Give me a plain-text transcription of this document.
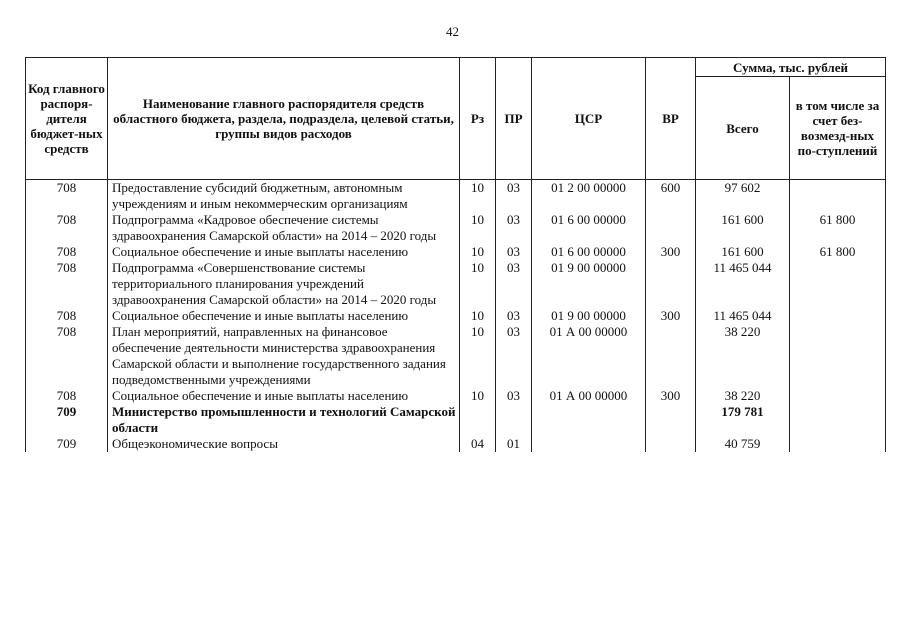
42
Код главного распоря-дителя бюджет-ных средств	Наименование главного распорядителя средств областного бюджета, раздела, подраздела, целевой статьи, группы видов расходов	Рз	ПР	ЦСР	ВР	Сумма, тыс. рублей	
						Всего	в том числе за счет без-возмезд-ных по-ступлений
708	Предоставление субсидий бюджетным, автономным учреждениям и иным некоммерческим организациям	10	03	01 2 00 00000	600	97 602	
708	Подпрограмма «Кадровое обеспечение системы здравоохранения Самарской области» на 2014 – 2020 годы	10	03	01 6 00 00000		161 600	61 800
708	Социальное обеспечение и иные выплаты населению	10	03	01 6 00 00000	300	161 600	61 800
708	Подпрограмма «Совершенствование системы территориального планирования учреждений здравоохранения Самарской области» на 2014 – 2020 годы	10	03	01 9 00 00000		11 465 044	
708	Социальное обеспечение и иные выплаты населению	10	03	01 9 00 00000	300	11 465 044	
708	План мероприятий, направленных на финансовое обеспечение деятельности министерства здравоохранения Самарской области и выполнение государственного задания подведомственными учреждениями	10	03	01 А 00 00000		38 220	
708	Социальное обеспечение и иные выплаты населению	10	03	01 А 00 00000	300	38 220	
709	Министерство промышленности и технологий Самарской области					179 781	
709	Общеэкономические вопросы	04	01			40 759	
